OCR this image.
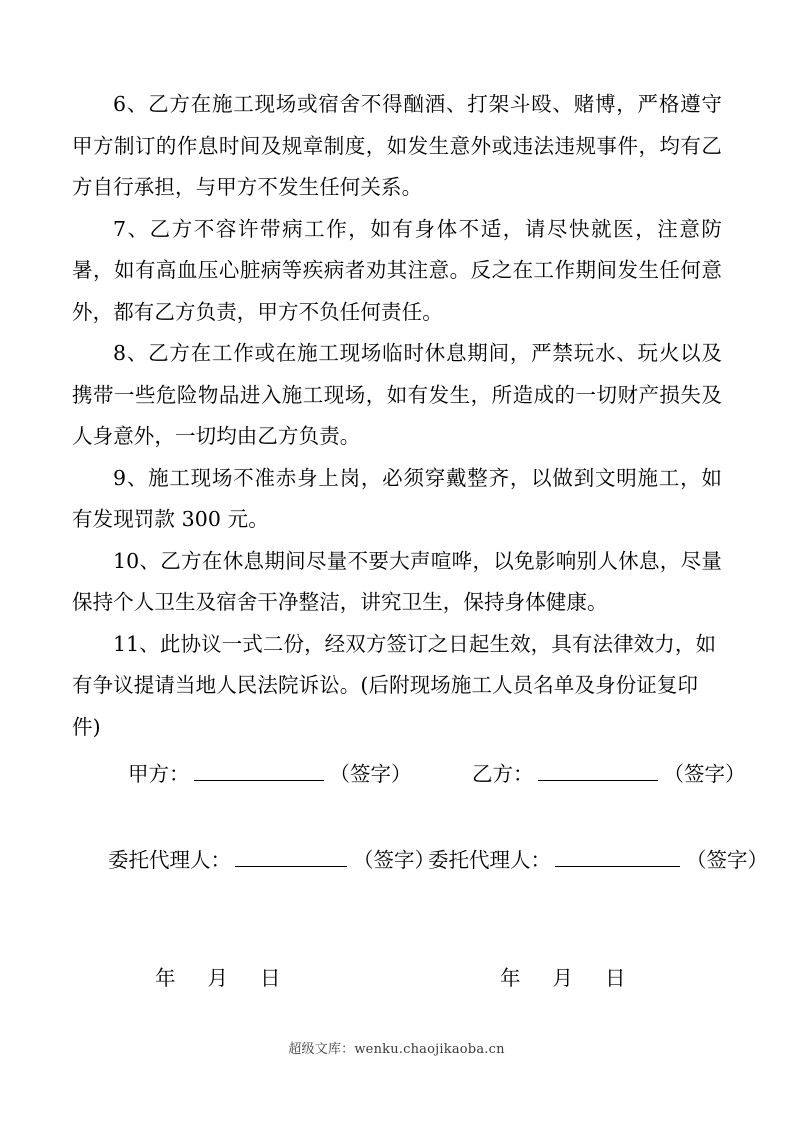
6、乙方在施工现场或宿舍不得酗酒、打架斗殴、赌博，严格遵守甲方制订的作息时间及规章制度，如发生意外或违法违规事件，均有乙方自行承担，与甲方不发生任何关系。

7、乙方不容许带病工作，如有身体不适，请尽快就医，注意防暑，如有高血压心脏病等疾病者劝其注意。反之在工作期间发生任何意外，都有乙方负责，甲方不负任何责任。

8、乙方在工作或在施工现场临时休息期间，严禁玩水、玩火以及携带一些危险物品进入施工现场，如有发生，所造成的一切财产损失及人身意外，一切均由乙方负责。

9、施工现场不准赤身上岗，必须穿戴整齐，以做到文明施工，如有发现罚款 300 元。

10、乙方在休息期间尽量不要大声喧哗，以免影响别人休息，尽量保持个人卫生及宿舍干净整洁，讲究卫生，保持身体健康。

11、此协议一式二份，经双方签订之日起生效，具有法律效力，如有争议提请当地人民法院诉讼。(后附现场施工人员名单及身份证复印件)

甲方：	（签字）	乙方：	（签字）
委托代理人：	（签字）
委托代理人：	（签字）
年 月 日	年 月 日
超级文库：wenku.chaojikaoba.cn
